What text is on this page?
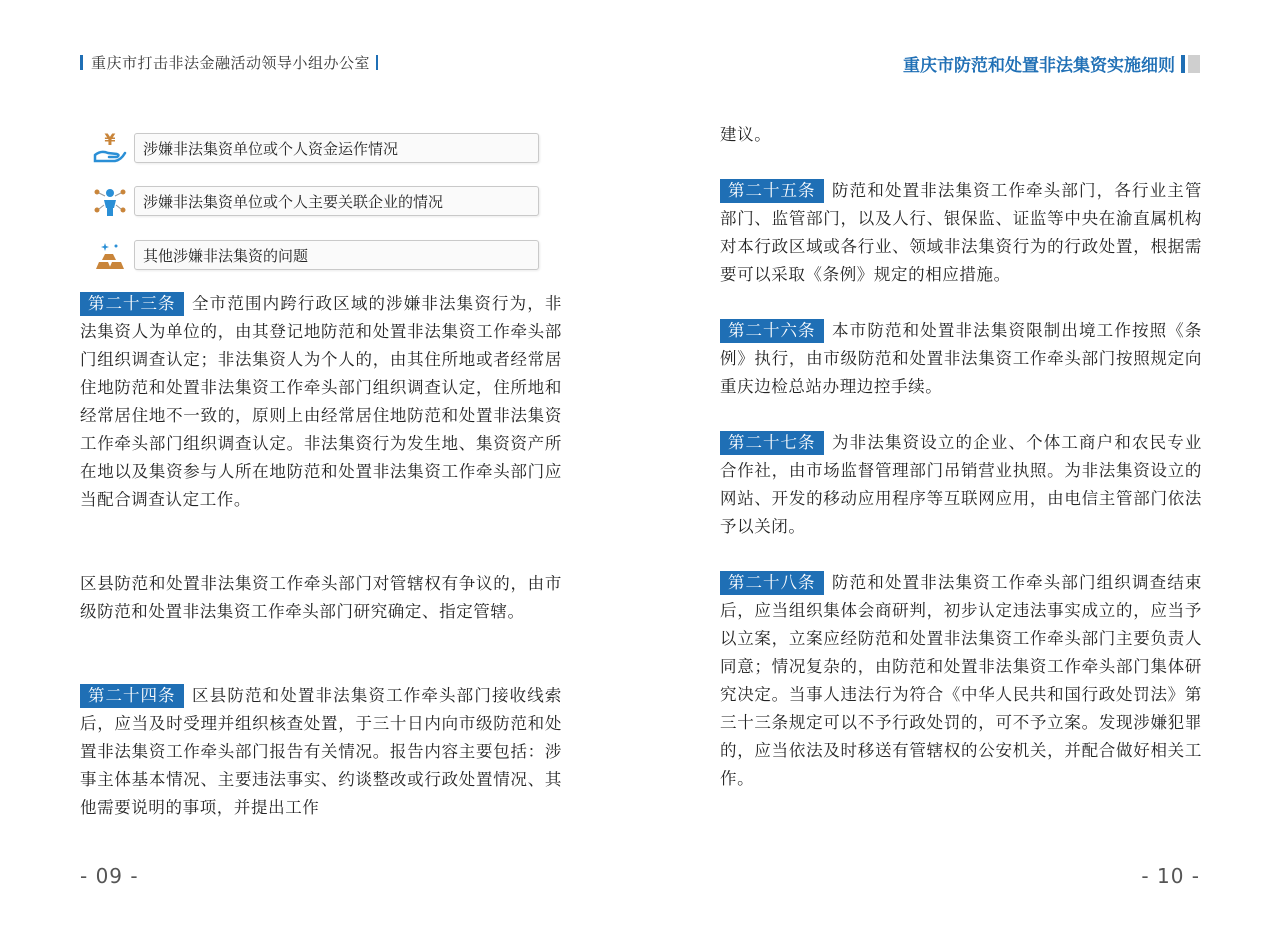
重庆市打击非法金融活动领导小组办公室
¥	涉嫌非法集资单位或个人资金运作情况
涉嫌非法集资单位或个人主要关联企业的情况
其他涉嫌非法集资的问题
第二十三条 全市范围内跨行政区域的涉嫌非法集资行为，非法集资人为单位的，由其登记地防范和处置非法集资工作牵头部门组织调查认定；非法集资人为个人的，由其住所地或者经常居住地防范和处置非法集资工作牵头部门组织调查认定，住所地和经常居住地不一致的，原则上由经常居住地防范和处置非法集资工作牵头部门组织调查认定。非法集资行为发生地、集资资产所在地以及集资参与人所在地防范和处置非法集资工作牵头部门应当配合调查认定工作。
区县防范和处置非法集资工作牵头部门对管辖权有争议的，由市级防范和处置非法集资工作牵头部门研究确定、指定管辖。
第二十四条 区县防范和处置非法集资工作牵头部门接收线索后，应当及时受理并组织核查处置，于三十日内向市级防范和处置非法集资工作牵头部门报告有关情况。报告内容主要包括：涉事主体基本情况、主要违法事实、约谈整改或行政处置情况、其他需要说明的事项，并提出工作
- 09 -
重庆市防范和处置非法集资实施细则
建议。
第二十五条 防范和处置非法集资工作牵头部门，各行业主管部门、监管部门，以及人行、银保监、证监等中央在渝直属机构对本行政区域或各行业、领域非法集资行为的行政处置，根据需要可以采取《条例》规定的相应措施。
第二十六条 本市防范和处置非法集资限制出境工作按照《条例》执行，由市级防范和处置非法集资工作牵头部门按照规定向重庆边检总站办理边控手续。
第二十七条 为非法集资设立的企业、个体工商户和农民专业合作社，由市场监督管理部门吊销营业执照。为非法集资设立的网站、开发的移动应用程序等互联网应用，由电信主管部门依法予以关闭。
第二十八条 防范和处置非法集资工作牵头部门组织调查结束后，应当组织集体会商研判，初步认定违法事实成立的，应当予以立案，立案应经防范和处置非法集资工作牵头部门主要负责人同意；情况复杂的，由防范和处置非法集资工作牵头部门集体研究决定。当事人违法行为符合《中华人民共和国行政处罚法》第三十三条规定可以不予行政处罚的，可不予立案。发现涉嫌犯罪的，应当依法及时移送有管辖权的公安机关，并配合做好相关工作。
- 10 -
